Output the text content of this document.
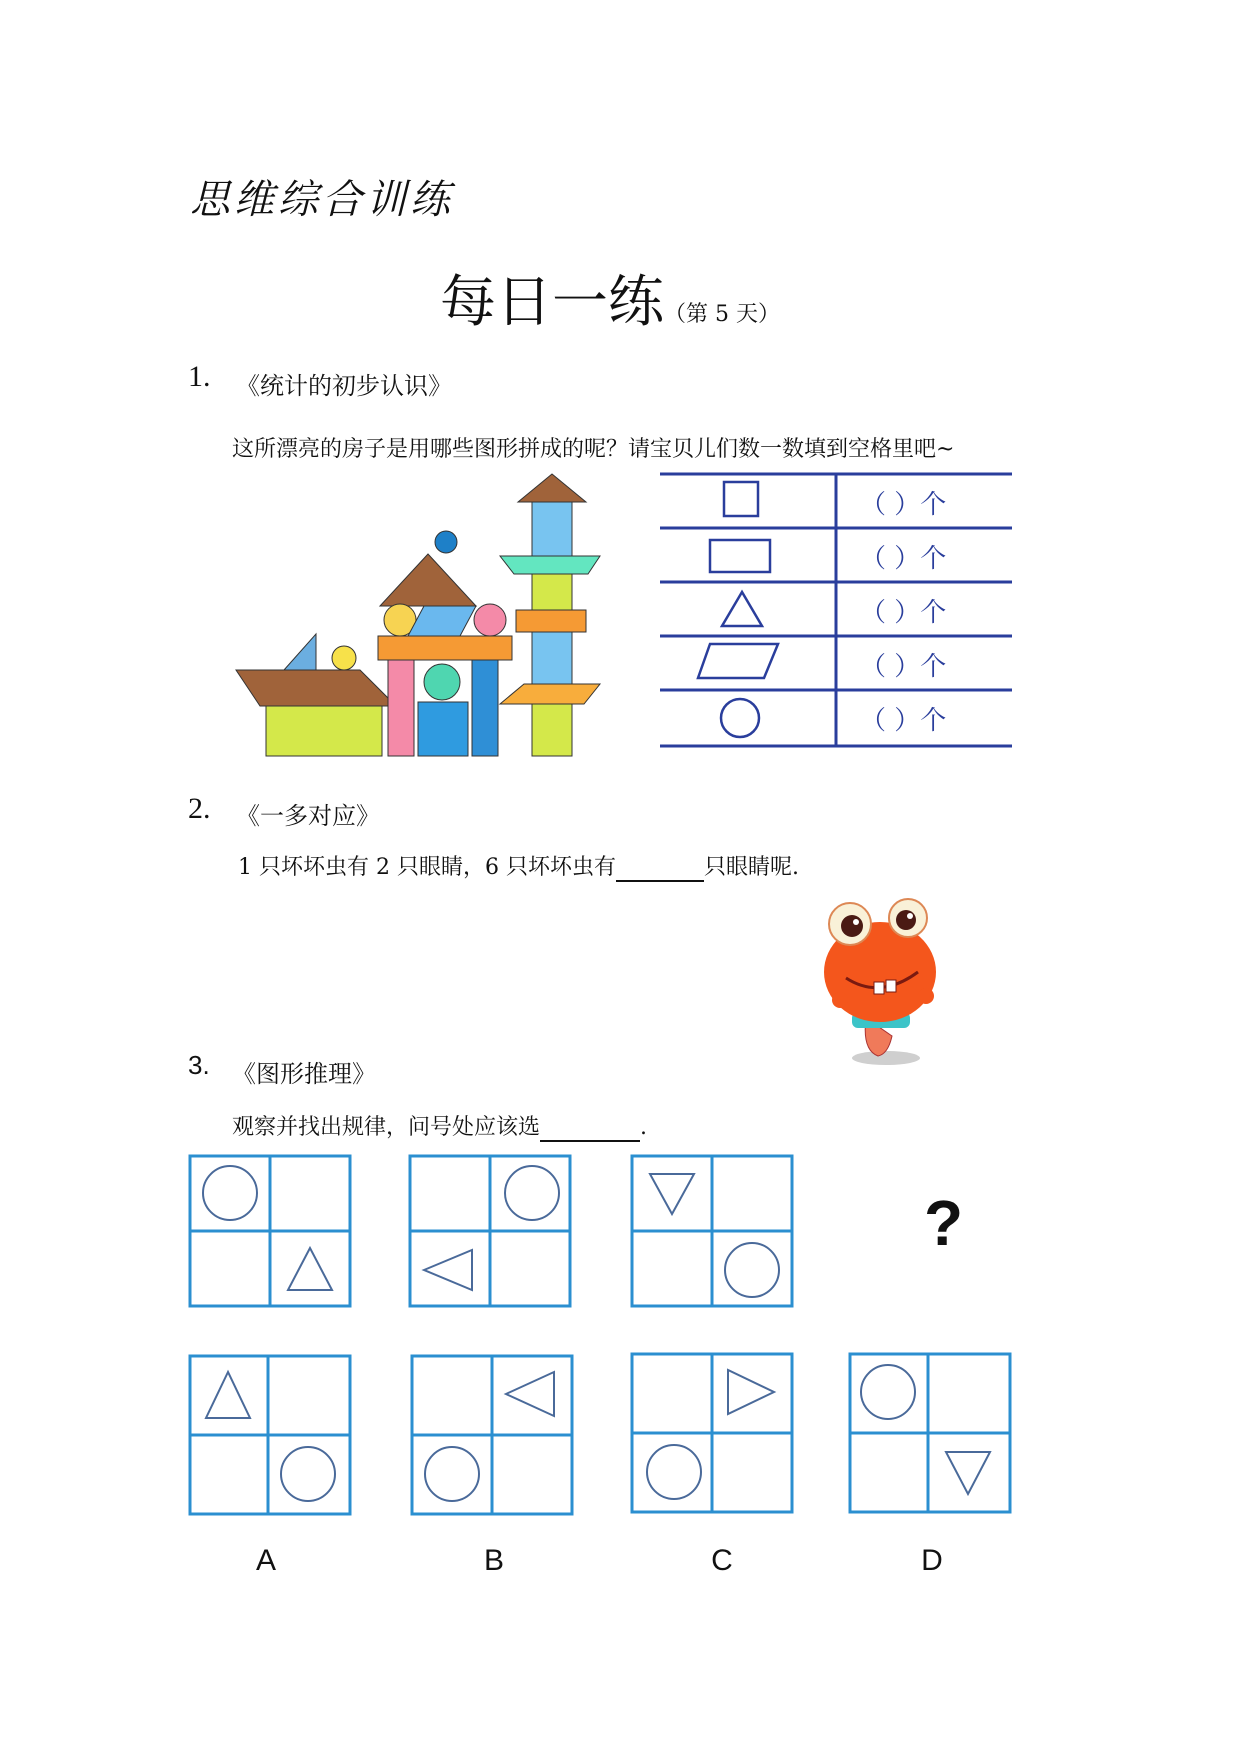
思维综合训练
每日一练（第 5 天）
1. 《统计的初步认识》
这所漂亮的房子是用哪些图形拼成的呢？请宝贝儿们数一数填到空格里吧~
（ ）个
（ ）个
（ ）个
（ ）个
（ ）个
2. 《一多对应》
1 只坏坏虫有 2 只眼睛，6 只坏坏虫有	只眼睛呢.
3. 《图形推理》
观察并找出规律，问号处应该选	.
?
A	B	C	D
